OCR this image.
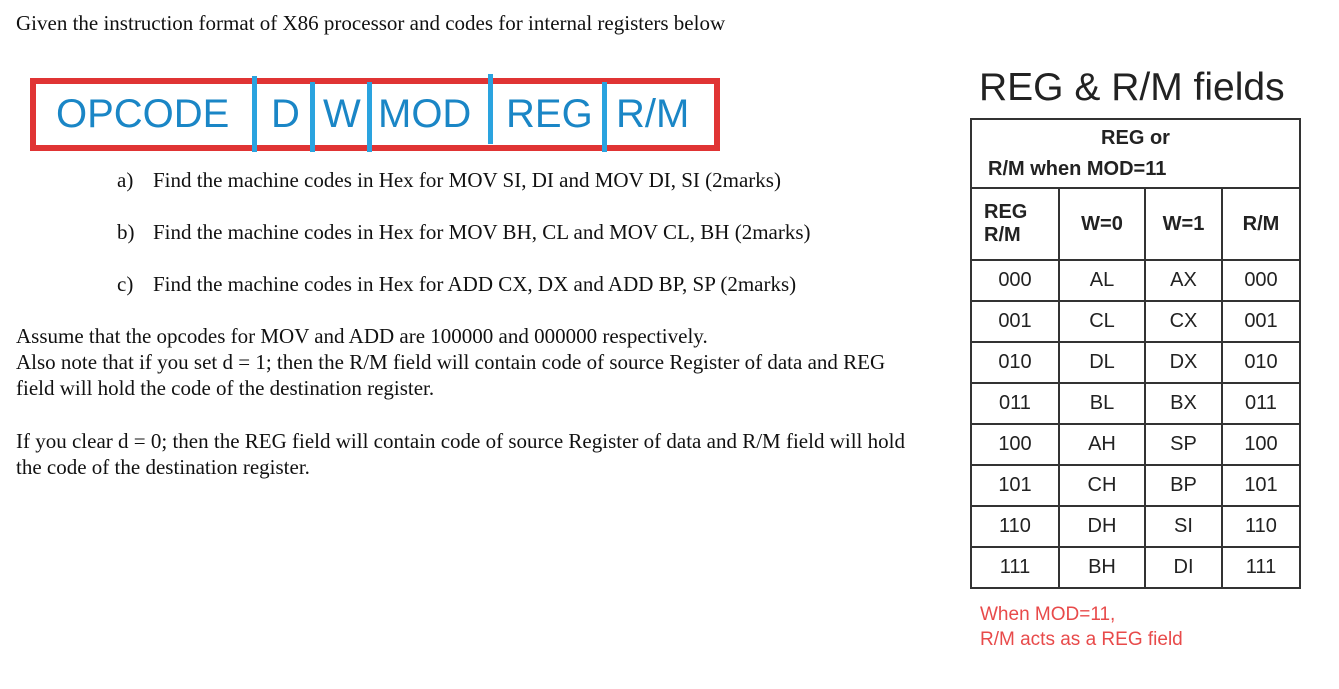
Given the instruction format of X86 processor and codes for internal registers below
OPCODE D W MOD REG R/M
a) Find the machine codes in Hex for MOV SI, DI and MOV DI, SI (2marks)
b) Find the machine codes in Hex for MOV BH, CL and MOV CL, BH (2marks)
c) Find the machine codes in Hex for ADD CX, DX and ADD BP, SP (2marks)
Assume that the opcodes for MOV and ADD are 100000 and 000000 respectively.
Also note that if you set d = 1; then the R/M field will contain code of source Register of data and REG field will hold the code of the destination register.
If you clear d = 0; then the REG field will contain code of source Register of data and R/M field will hold the code of the destination register.
REG & R/M fields
REG or
R/M when MOD=11			

REG
R/M	W=0	W=1	R/M
000	AL	AX	000
001	CL	CX	001
010	DL	DX	010
011	BL	BX	011
100	AH	SP	100
101	CH	BP	101
110	DH	SI	110
111	BH	DI	111
When MOD=11,
R/M acts as a REG field
